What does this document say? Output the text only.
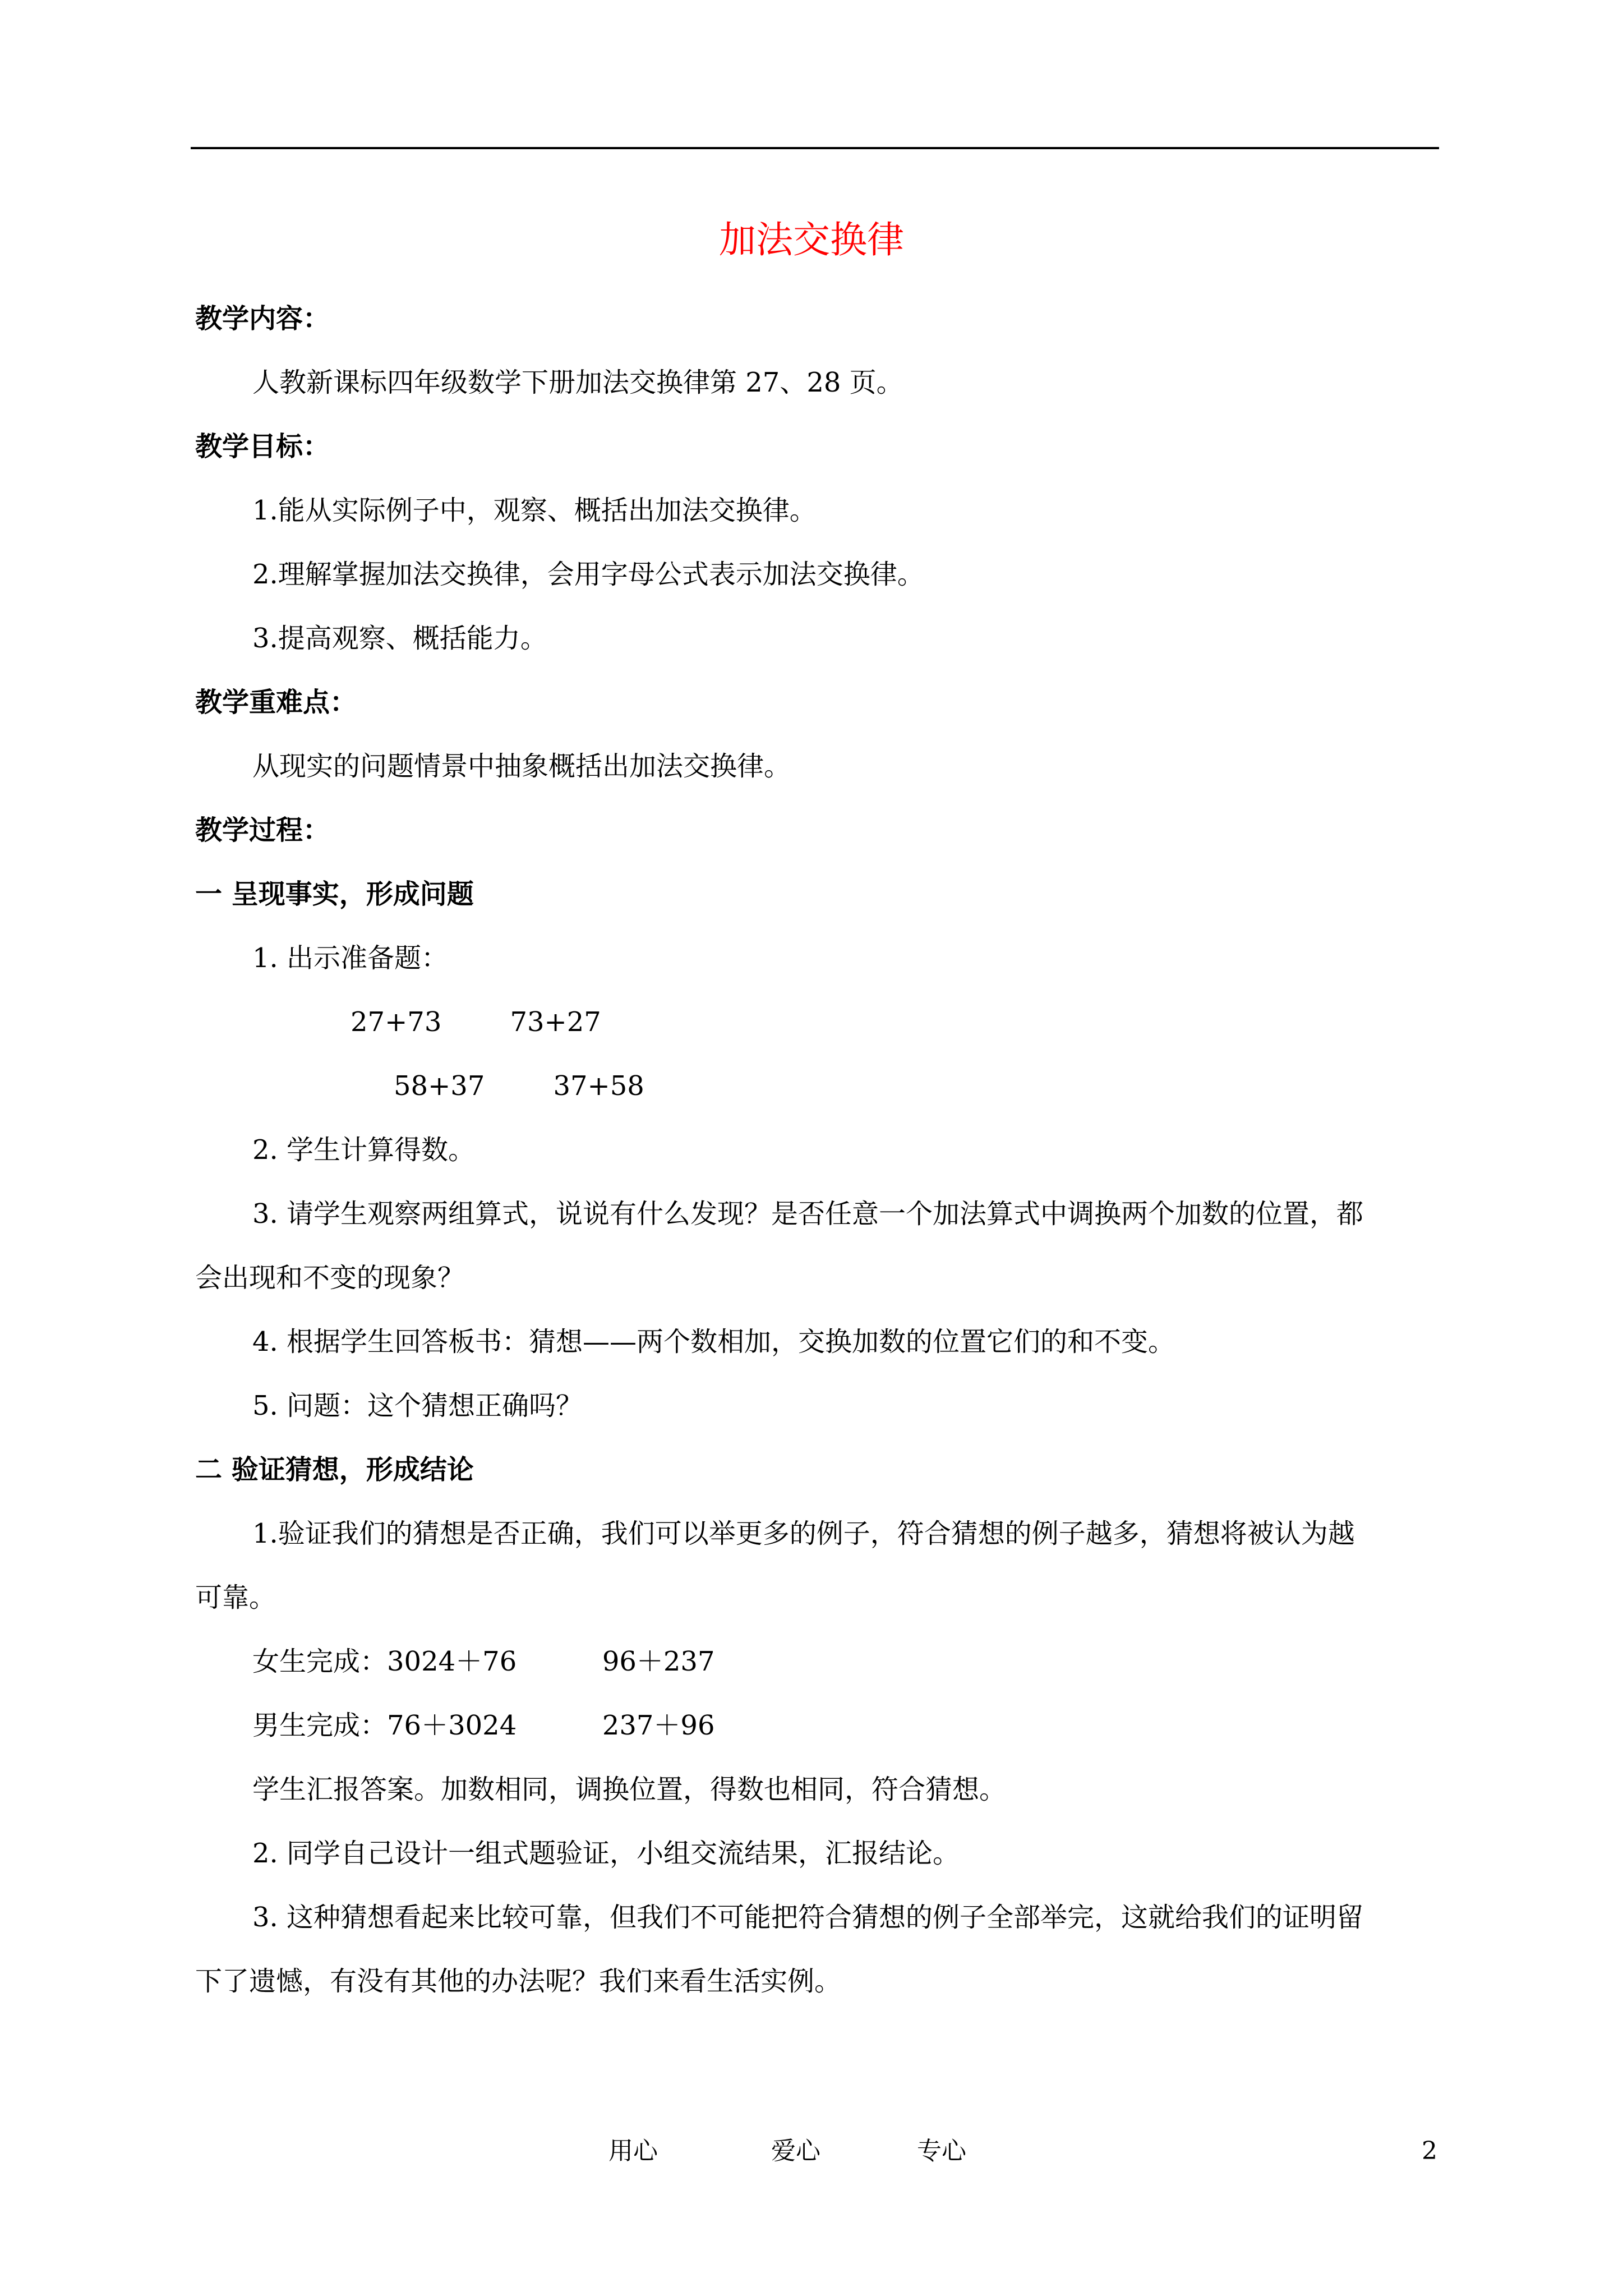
加法交换律
教学内容：
人教新课标四年级数学下册加法交换律第 27、28 页。
教学目标：
1.能从实际例子中，观察、概括出加法交换律。
2.理解掌握加法交换律，会用字母公式表示加法交换律。
3.提高观察、概括能力。
教学重难点：
从现实的问题情景中抽象概括出加法交换律。
教学过程：
一 呈现事实，形成问题
1. 出示准备题：
27+73        73+27
58+37        37+58
2. 学生计算得数。
3. 请学生观察两组算式，说说有什么发现？是否任意一个加法算式中调换两个加数的位置，都
会出现和不变的现象？
4. 根据学生回答板书：猜想——两个数相加，交换加数的位置它们的和不变。
5. 问题：这个猜想正确吗？
二 验证猜想，形成结论
1.验证我们的猜想是否正确，我们可以举更多的例子，符合猜想的例子越多，猜想将被认为越
可靠。
女生完成：3024＋76          96＋237
男生完成：76＋3024          237＋96
学生汇报答案。加数相同，调换位置，得数也相同，符合猜想。
2. 同学自己设计一组式题验证，小组交流结果，汇报结论。
3. 这种猜想看起来比较可靠，但我们不可能把符合猜想的例子全部举完，这就给我们的证明留
下了遗憾，有没有其他的办法呢？我们来看生活实例。
用心	爱心	专心	2
